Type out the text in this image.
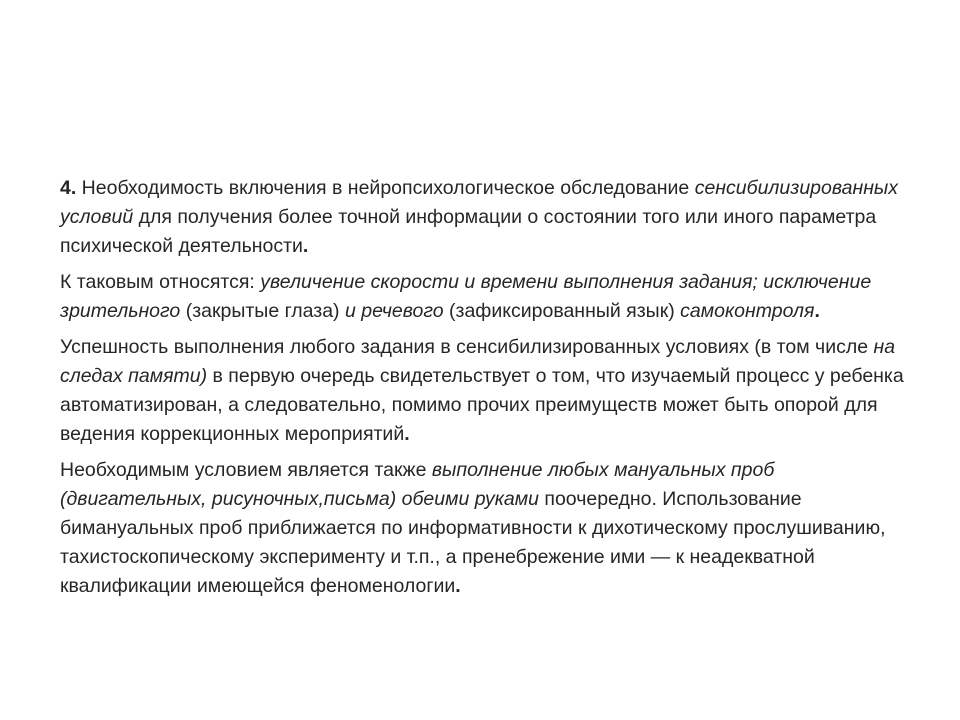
4. Необходимость включения в нейропсихологическое обследование сенсибилизированных условий для получения более точной информации о состоянии того или иного параметра психической деятельности.

К таковым относятся: увеличение скорости и времени выполнения задания; исключение зрительного (закрытые глаза) и речевого (зафиксированный язык) самоконтроля.

Успешность выполнения любого задания в сенсибилизированных условиях (в том числе на следах памяти) в первую очередь свидетельствует о том, что изучаемый процесс у ребенка автоматизирован, а следовательно, помимо прочих преимуществ может быть опорой для ведения коррекционных мероприятий.

Необходимым условием является также выполнение любых мануальных проб (двигательных, рисуночных,письма) обеими руками поочередно. Использование бимануальных проб приближается по информативности к дихотическому прослушиванию, тахистоскопическому эксперименту и т.п., а пренебрежение ими — к неадекватной квалификации имеющейся феноменологии.
